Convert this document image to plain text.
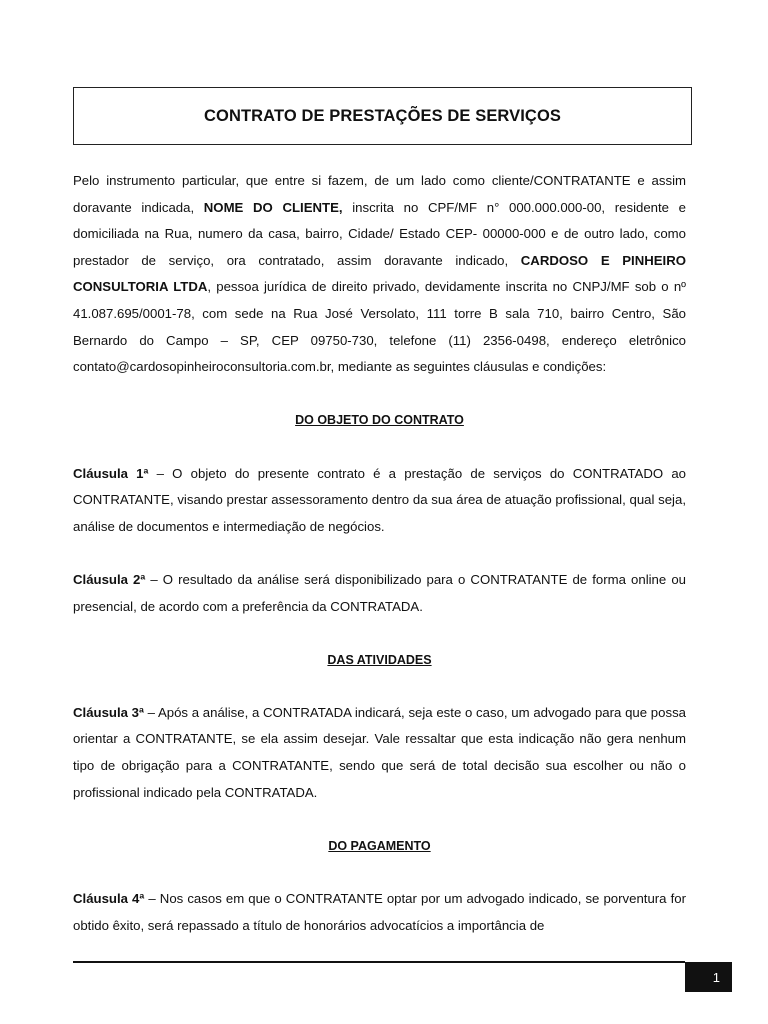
CONTRATO DE PRESTAÇÕES DE SERVIÇOS

Pelo instrumento particular, que entre si fazem, de um lado como cliente/CONTRATANTE e assim doravante indicada, NOME DO CLIENTE, inscrita no CPF/MF n° 000.000.000-00, residente e domiciliada na Rua, numero da casa, bairro, Cidade/ Estado CEP- 00000-000 e de outro lado, como prestador de serviço, ora contratado, assim doravante indicado, CARDOSO E PINHEIRO CONSULTORIA LTDA, pessoa jurídica de direito privado, devidamente inscrita no CNPJ/MF sob o nº 41.087.695/0001-78, com sede na Rua José Versolato, 111 torre B sala 710, bairro Centro, São Bernardo do Campo – SP, CEP 09750-730, telefone (11) 2356-0498, endereço eletrônico contato@cardosopinheiroconsultoria.com.br, mediante as seguintes cláusulas e condições:

DO OBJETO DO CONTRATO

Cláusula 1ª – O objeto do presente contrato é a prestação de serviços do CONTRATADO ao CONTRATANTE, visando prestar assessoramento dentro da sua área de atuação profissional, qual seja, análise de documentos e intermediação de negócios.

Cláusula 2ª – O resultado da análise será disponibilizado para o CONTRATANTE de forma online ou presencial, de acordo com a preferência da CONTRATADA.

DAS ATIVIDADES

Cláusula 3ª – Após a análise, a CONTRATADA indicará, seja este o caso, um advogado para que possa orientar a CONTRATANTE, se ela assim desejar. Vale ressaltar que esta indicação não gera nenhum tipo de obrigação para a CONTRATANTE, sendo que será de total decisão sua escolher ou não o profissional indicado pela CONTRATADA.

DO PAGAMENTO

Cláusula 4ª – Nos casos em que o CONTRATANTE optar por um advogado indicado, se porventura for obtido êxito, será repassado a título de honorários advocatícios a importância de

1
